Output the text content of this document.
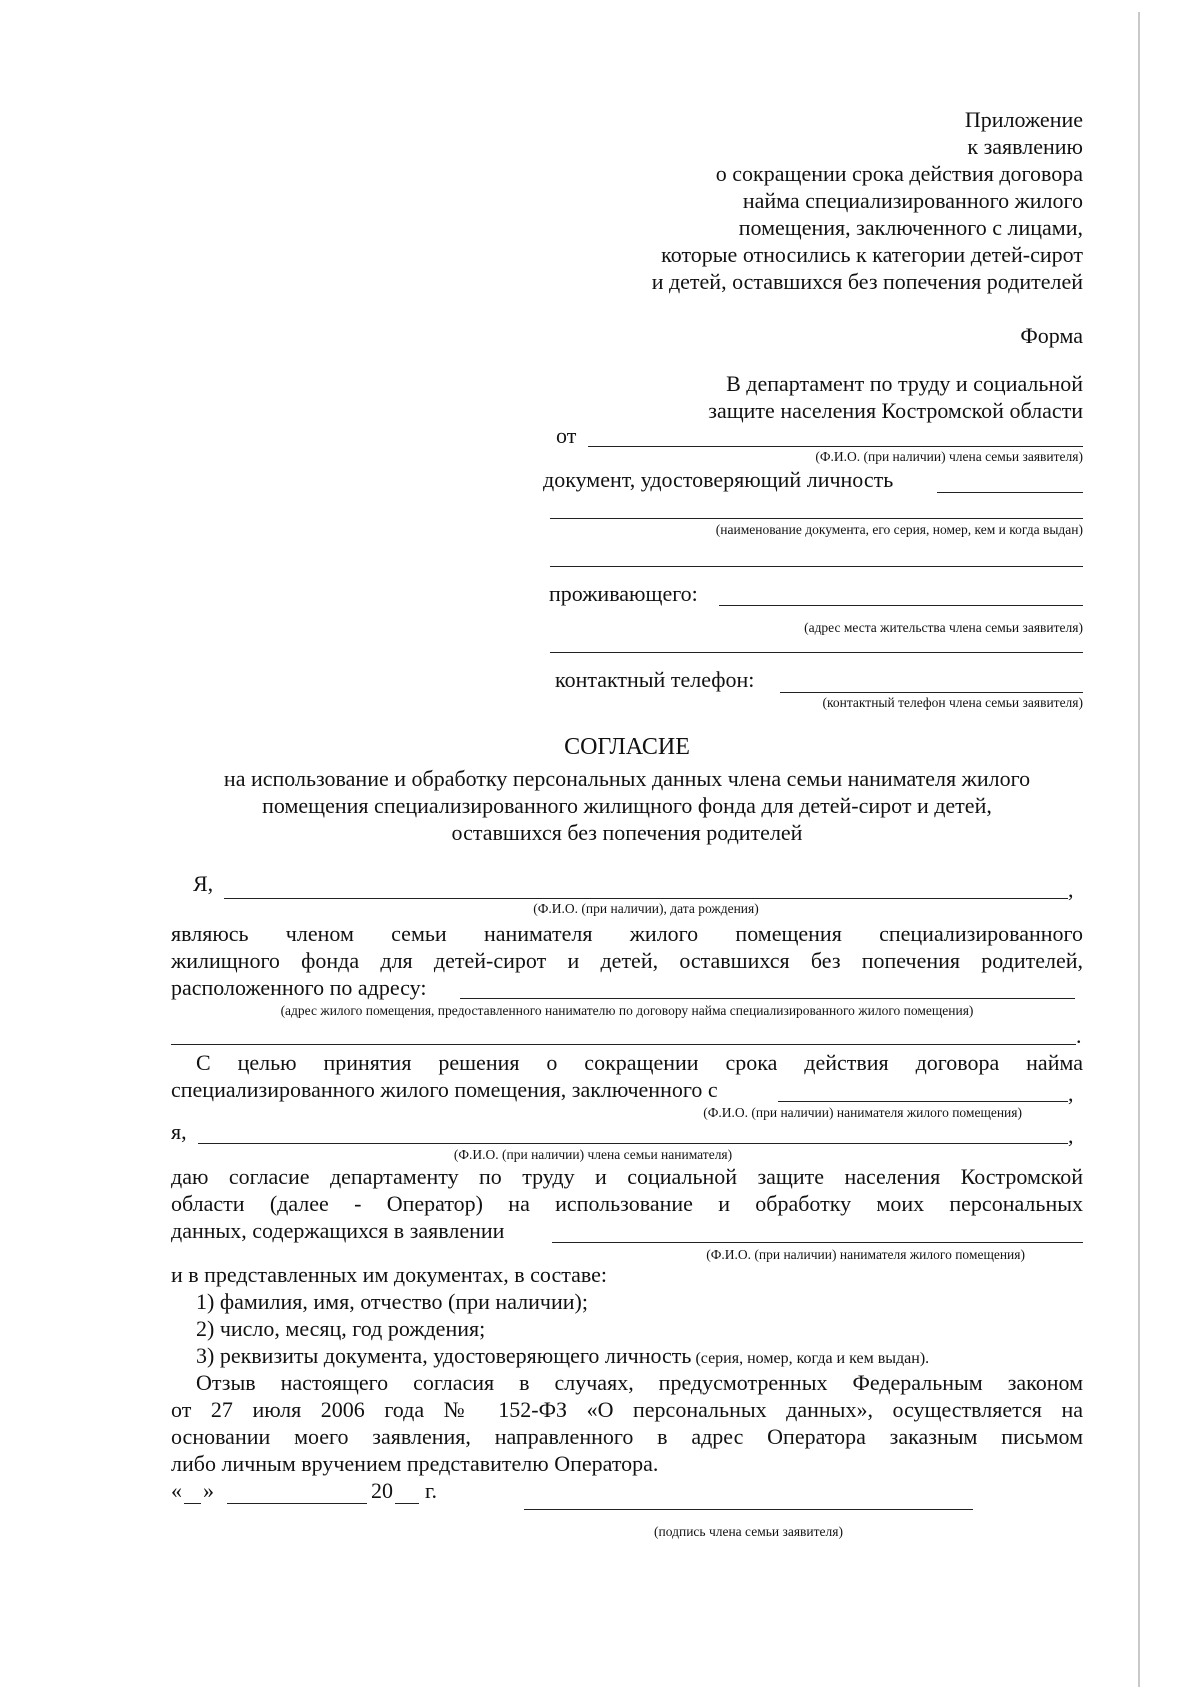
Приложение
к заявлению
о сокращении срока действия договора
найма специализированного жилого
помещения, заключенного с лицами,
которые относились к категории детей-сирот
и детей, оставшихся без попечения родителей
Форма
В департамент по труду и социальной
защите населения Костромской области
от
(Ф.И.О. (при наличии) члена семьи заявителя)
документ, удостоверяющий личность
(наименование документа, его серия, номер, кем и когда выдан)
проживающего:
(адрес места жительства члена семьи заявителя)
контактный телефон:
(контактный телефон члена семьи заявителя)
СОГЛАСИЕ
на использование и обработку персональных данных члена семьи нанимателя жилого
помещения специализированного жилищного фонда для детей-сирот и детей,
оставшихся без попечения родителей
Я,	,
(Ф.И.О. (при наличии), дата рождения)
являюсь членом семьи нанимателя жилого помещения специализированного
жилищного фонда для детей-сирот и детей, оставшихся без попечения родителей,
расположенного по адресу:
(адрес жилого помещения, предоставленного нанимателю по договору найма специализированного жилого помещения)
.
С целью принятия решения о сокращении срока действия договора найма
специализированного жилого помещения, заключенного с	,
(Ф.И.О. (при наличии) нанимателя жилого помещения)
я,	,
(Ф.И.О. (при наличии) члена семьи нанимателя)
даю согласие департаменту по труду и социальной защите населения Костромской
области (далее - Оператор) на использование и обработку моих персональных
данных, содержащихся в заявлении
(Ф.И.О. (при наличии) нанимателя жилого помещения)
и в представленных им документах, в составе:
1) фамилия, имя, отчество (при наличии);
2) число, месяц, год рождения;
3) реквизиты документа, удостоверяющего личность (серия, номер, когда и кем выдан).
Отзыв настоящего согласия в случаях, предусмотренных Федеральным законом
от 27 июля 2006 года № 152-ФЗ «О персональных данных», осуществляется на
основании моего заявления, направленного в адрес Оператора заказным письмом
либо личным вручением представителю Оператора.
« »	20 г.
(подпись члена семьи заявителя)
